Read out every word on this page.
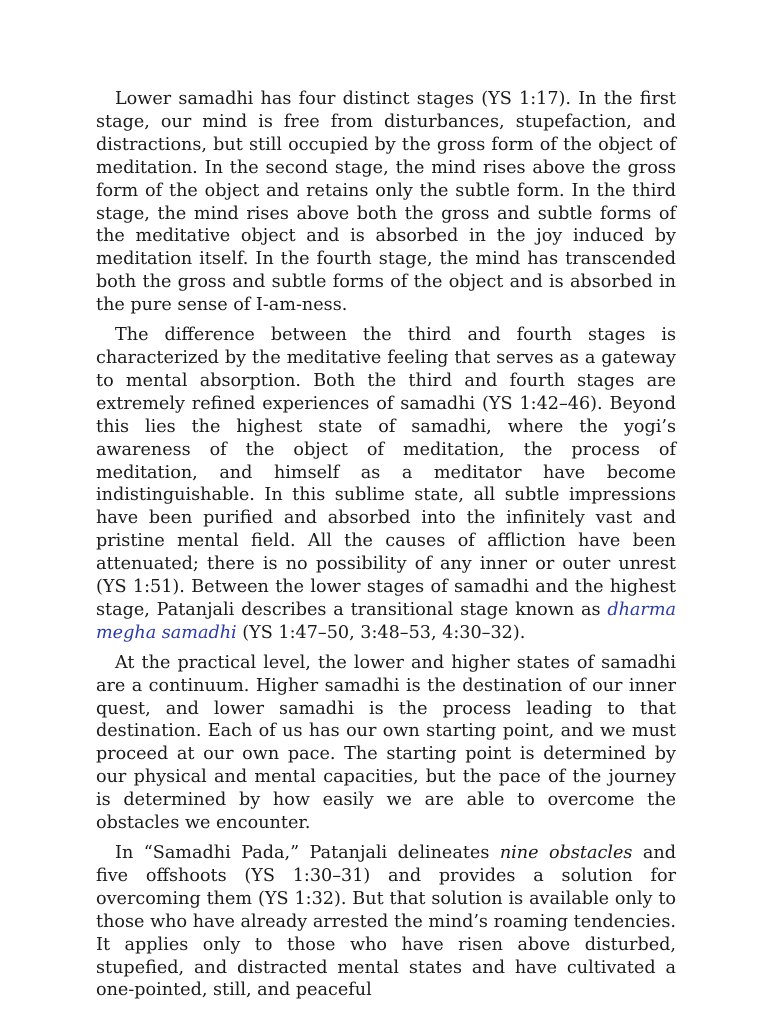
Lower samadhi has four distinct stages (YS 1:17). In the first stage, our mind is free from disturbances, stupefaction, and distractions, but still occupied by the gross form of the object of meditation. In the second stage, the mind rises above the gross form of the object and retains only the subtle form. In the third stage, the mind rises above both the gross and subtle forms of the meditative object and is absorbed in the joy induced by meditation itself. In the fourth stage, the mind has transcended both the gross and subtle forms of the object and is absorbed in the pure sense of I-am-ness.

The difference between the third and fourth stages is characterized by the meditative feeling that serves as a gateway to mental absorption. Both the third and fourth stages are extremely refined experiences of samadhi (YS 1:42–46). Beyond this lies the highest state of samadhi, where the yogi’s awareness of the object of meditation, the process of meditation, and himself as a meditator have become indistinguishable. In this sublime state, all subtle impressions have been purified and absorbed into the infinitely vast and pristine mental field. All the causes of affliction have been attenuated; there is no possibility of any inner or outer unrest (YS 1:51). Between the lower stages of samadhi and the highest stage, Patanjali describes a transitional stage known as dharma megha samadhi (YS 1:47–50, 3:48–53, 4:30–32).

At the practical level, the lower and higher states of samadhi are a continuum. Higher samadhi is the destination of our inner quest, and lower samadhi is the process leading to that destination. Each of us has our own starting point, and we must proceed at our own pace. The starting point is determined by our physical and mental capacities, but the pace of the journey is determined by how easily we are able to overcome the obstacles we encounter.

In “Samadhi Pada,” Patanjali delineates nine obstacles and five offshoots (YS 1:30–31) and provides a solution for overcoming them (YS 1:32). But that solution is available only to those who have already arrested the mind’s roaming tendencies. It applies only to those who have risen above disturbed, stupefied, and distracted mental states and have cultivated a one-pointed, still, and peaceful
